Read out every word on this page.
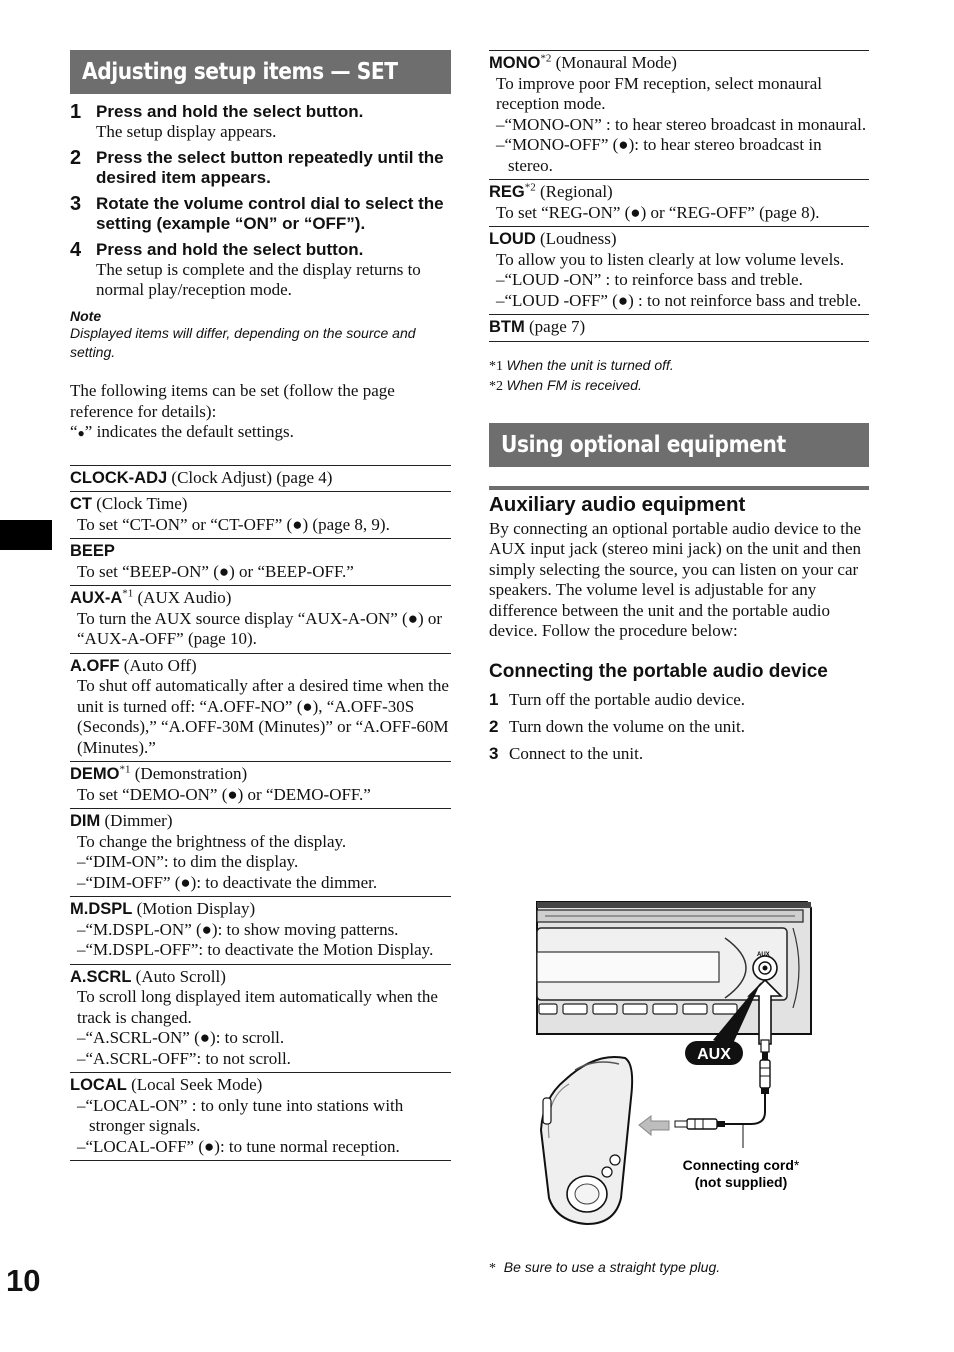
10
Adjusting setup items — SET
1 Press and hold the select button.
The setup display appears.
2 Press the select button repeatedly until the desired item appears.
3 Rotate the volume control dial to select the setting (example “ON” or “OFF”).
4 Press and hold the select button.
The setup is complete and the display returns to normal play/reception mode.
Note
Displayed items will differ, depending on the source and setting.
The following items can be set (follow the page reference for details):
“●” indicates the default settings.
CLOCK-ADJ (Clock Adjust) (page 4)
CT (Clock Time)
To set “CT-ON” or “CT-OFF” (●) (page 8, 9).
BEEP
To set “BEEP-ON” (●) or “BEEP-OFF.”
AUX-$A^{*1}$ (AUX Audio)
To turn the AUX source display “AUX-A-ON” (●) or “AUX-A-OFF” (page 10).
A.OFF (Auto Off)
To shut off automatically after a desired time when the unit is turned off: “A.OFF-NO” (●), “A.OFF-30S (Seconds),” “A.OFF-30M (Minutes)” or “A.OFF-60M (Minutes).”
DEMO$^{*1}$ (Demonstration)
To set “DEMO-ON” (●) or “DEMO-OFF.”
DIM (Dimmer)
To change the brightness of the display.
–“DIM-ON”: to dim the display.
–“DIM-OFF” (●): to deactivate the dimmer.
M.DSPL (Motion Display)
–“M.DSPL-ON” (●): to show moving patterns.
–“M.DSPL-OFF”: to deactivate the Motion Display.
A.SCRL (Auto Scroll)
To scroll long displayed item automatically when the track is changed.
–“A.SCRL-ON” (●): to scroll.
–“A.SCRL-OFF”: to not scroll.
LOCAL (Local Seek Mode)
–“LOCAL-ON” : to only tune into stations with stronger signals.
–“LOCAL-OFF” (●): to tune normal reception.
MONO$^{*2}$ (Monaural Mode)
To improve poor FM reception, select monaural reception mode.
–“MONO-ON” : to hear stereo broadcast in monaural.
–“MONO-OFF” (●): to hear stereo broadcast in stereo.
REG$^{*2}$ (Regional)
To set “REG-ON” (●) or “REG-OFF” (page 8).
LOUD (Loudness)
To allow you to listen clearly at low volume levels.
–“LOUD -ON” : to reinforce bass and treble.
–“LOUD -OFF” (●) : to not reinforce bass and treble.
BTM (page 7)
*1 When the unit is turned off.
*2 When FM is received.
Using optional equipment
Auxiliary audio equipment
By connecting an optional portable audio device to the AUX input jack (stereo mini jack) on the unit and then simply selecting the source, you can listen on your car speakers. The volume level is adjustable for any difference between the unit and the portable audio device. Follow the procedure below:
Connecting the portable audio device
1 Turn off the portable audio device.
2 Turn down the volume on the unit.
3 Connect to the unit.
AUX
AUX
Connecting cord*
(not supplied)
* Be sure to use a straight type plug.
